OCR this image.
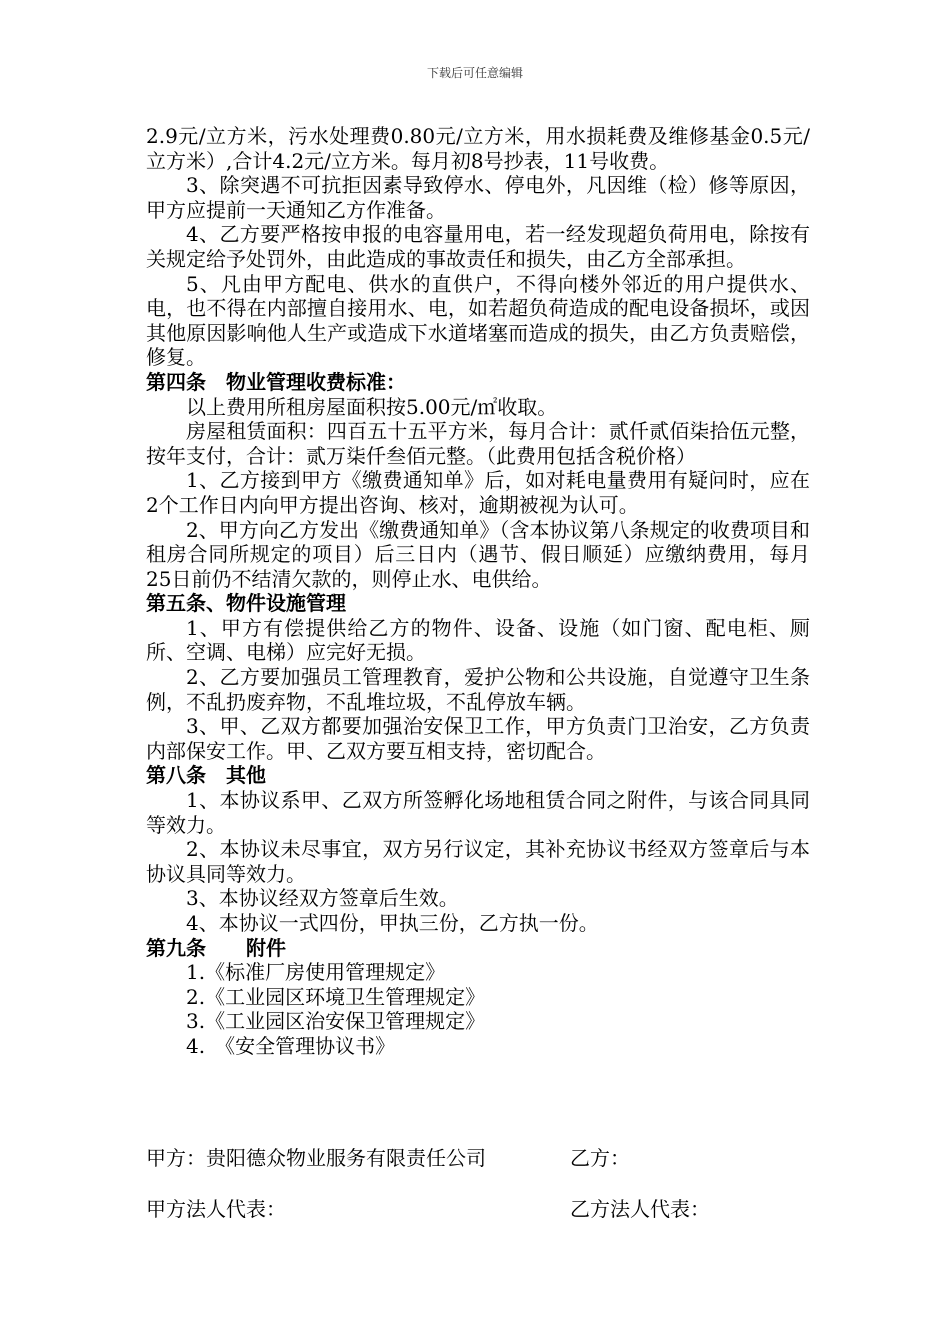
下载后可任意编辑

2.9元/立方米，污水处理费0.80元/立方米，用水损耗费及维修基金0.5元/立方米）,合计4.2元/立方米。每月初8号抄表，11号收费。

3、除突遇不可抗拒因素导致停水、停电外，凡因维（检）修等原因，甲方应提前一天通知乙方作准备。

4、乙方要严格按申报的电容量用电，若一经发现超负荷用电，除按有关规定给予处罚外，由此造成的事故责任和损失，由乙方全部承担。

5、凡由甲方配电、供水的直供户，不得向楼外邻近的用户提供水、电，也不得在内部擅自接用水、电，如若超负荷造成的配电设备损坏，或因其他原因影响他人生产或造成下水道堵塞而造成的损失，由乙方负责赔偿，修复。

第四条　物业管理收费标准：

以上费用所租房屋面积按5.00元/㎡收取。

房屋租赁面积：四百五十五平方米，每月合计：贰仟贰佰柒拾伍元整，按年支付，合计：贰万柒仟叁佰元整。（此费用包括含税价格）

1、乙方接到甲方《缴费通知单》后，如对耗电量费用有疑问时，应在2个工作日内向甲方提出咨询、核对，逾期被视为认可。

2、甲方向乙方发出《缴费通知单》（含本协议第八条规定的收费项目和租房合同所规定的项目）后三日内（遇节、假日顺延）应缴纳费用，每月25日前仍不结清欠款的，则停止水、电供给。

第五条、物件设施管理

1、甲方有偿提供给乙方的物件、设备、设施（如门窗、配电柜、厕所、空调、电梯）应完好无损。

2、乙方要加强员工管理教育，爱护公物和公共设施，自觉遵守卫生条例，不乱扔废弃物，不乱堆垃圾，不乱停放车辆。

3、甲、乙双方都要加强治安保卫工作，甲方负责门卫治安，乙方负责内部保安工作。甲、乙双方要互相支持，密切配合。

第八条　其他

1、本协议系甲、乙双方所签孵化场地租赁合同之附件，与该合同具同等效力。

2、本协议未尽事宜，双方另行议定，其补充协议书经双方签章后与本协议具同等效力。

3、本协议经双方签章后生效。

4、本协议一式四份，甲执三份，乙方执一份。

第九条　　附件

1.《标准厂房使用管理规定》

2.《工业园区环境卫生管理规定》

3.《工业园区治安保卫管理规定》

4.　《安全管理协议书》

甲方：贵阳德众物业服务有限责任公司	乙方：
甲方法人代表：	乙方法人代表：
